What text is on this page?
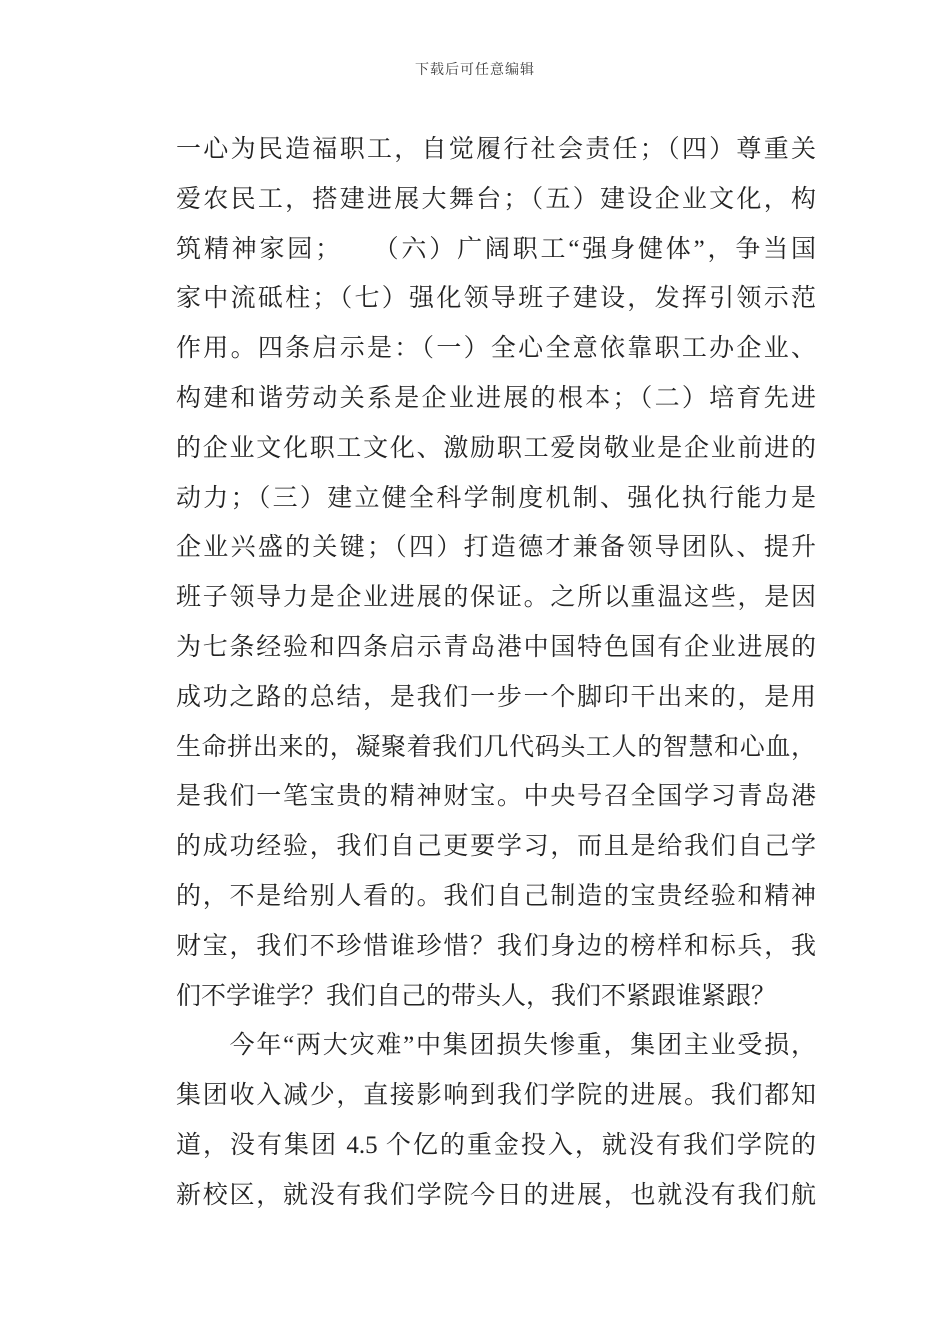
下载后可任意编辑
一心为民造福职工，自觉履行社会责任；（四）尊重关
爱农民工，搭建进展大舞台；（五）建设企业文化，构
筑精神家园；　　（六）广阔职工“强身健体”，争当国
家中流砥柱；（七）强化领导班子建设，发挥引领示范
作用。四条启示是：（一）全心全意依靠职工办企业、
构建和谐劳动关系是企业进展的根本；（二）培育先进
的企业文化职工文化、激励职工爱岗敬业是企业前进的
动力；（三）建立健全科学制度机制、强化执行能力是
企业兴盛的关键；（四）打造德才兼备领导团队、提升
班子领导力是企业进展的保证。之所以重温这些，是因
为七条经验和四条启示青岛港中国特色国有企业进展的
成功之路的总结，是我们一步一个脚印干出来的，是用
生命拼出来的，凝聚着我们几代码头工人的智慧和心血，
是我们一笔宝贵的精神财宝。中央号召全国学习青岛港
的成功经验，我们自己更要学习，而且是给我们自己学
的，不是给别人看的。我们自己制造的宝贵经验和精神
财宝，我们不珍惜谁珍惜？我们身边的榜样和标兵，我
们不学谁学？我们自己的带头人，我们不紧跟谁紧跟？
　　今年“两大灾难”中集团损失惨重，集团主业受损，
集团收入减少，直接影响到我们学院的进展。我们都知
道，没有集团 4.5 个亿的重金投入，就没有我们学院的
新校区，就没有我们学院今日的进展，也就没有我们航
